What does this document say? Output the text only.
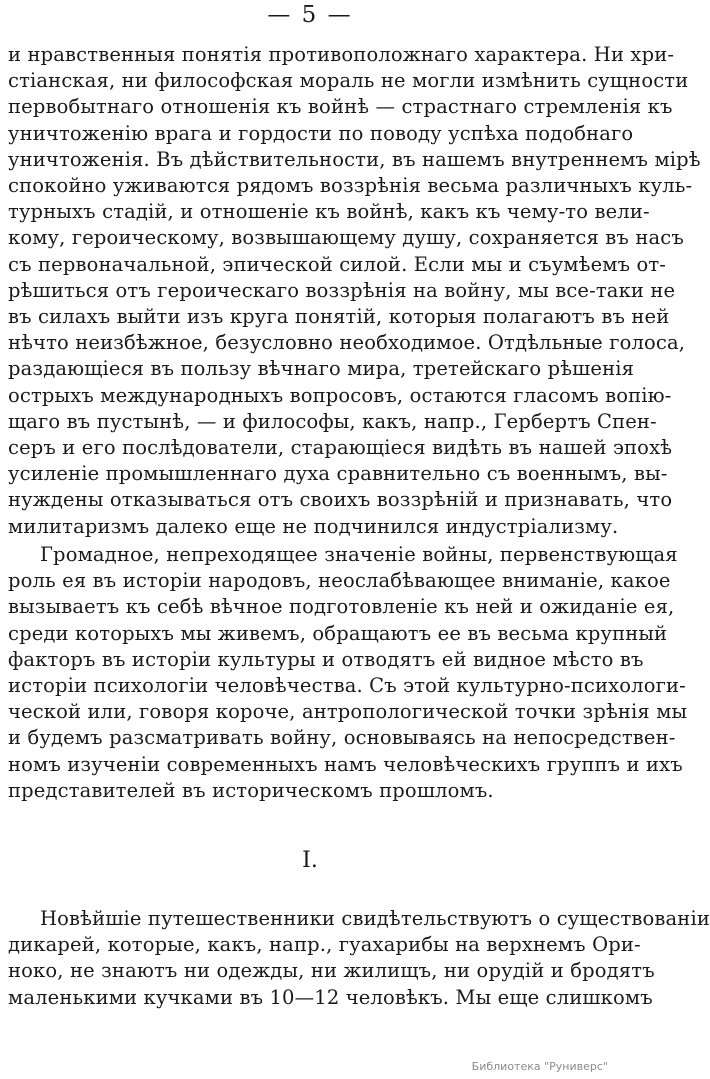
— 5 —
и нравственныя понятія противоположнаго характера. Ни хри-
стіанская, ни философская мораль не могли измѣнить сущности
первобытнаго отношенія къ войнѣ — страстнаго стремленія къ
уничтоженію врага и гордости по поводу успѣха подобнаго
уничтоженія. Въ дѣйствительности, въ нашемъ внутреннемъ мірѣ
спокойно уживаются рядомъ воззрѣнія весьма различныхъ куль-
турныхъ стадій, и отношеніе къ войнѣ, какъ къ чему-то вели-
кому, героическому, возвышающему душу, сохраняется въ насъ
съ первоначальной, эпической силой. Если мы и съумѣемъ от-
рѣшиться отъ героическаго воззрѣнія на войну, мы все-таки не
въ силахъ выйти изъ круга понятій, которыя полагаютъ въ ней
нѣчто неизбѣжное, безусловно необходимое. Отдѣльные голоса,
раздающіеся въ пользу вѣчнаго мира, третейскаго рѣшенія
острыхъ международныхъ вопросовъ, остаются гласомъ вопію-
щаго въ пустынѣ, — и философы, какъ, напр., Гербертъ Спен-
серъ и его послѣдователи, старающіеся видѣть въ нашей эпохѣ
усиленіе промышленнаго духа сравнительно съ военнымъ, вы-
нуждены отказываться отъ своихъ воззрѣній и признавать, что
милитаризмъ далеко еще не подчинился индустріализму.
Громадное, непреходящее значеніе войны, первенствующая
роль ея въ исторіи народовъ, неослабѣвающее вниманіе, какое
вызываетъ къ себѣ вѣчное подготовленіе къ ней и ожиданіе ея,
среди которыхъ мы живемъ, обращаютъ ее въ весьма крупный
факторъ въ исторіи культуры и отводятъ ей видное мѣсто въ
исторіи психологіи человѣчества. Съ этой культурно-психологи-
ческой или, говоря короче, антропологической точки зрѣнія мы
и будемъ разсматривать войну, основываясь на непосредствен-
номъ изученіи современныхъ намъ человѣческихъ группъ и ихъ
представителей въ историческомъ прошломъ.
I.
Новѣйшіе путешественники свидѣтельствуютъ о существованіи
дикарей, которые, какъ, напр., гуахарибы на верхнемъ Ори-
ноко, не знаютъ ни одежды, ни жилищъ, ни орудій и бродятъ
маленькими кучками въ 10—12 человѣкъ. Мы еще слишкомъ
Библиотека "Руниверс"
